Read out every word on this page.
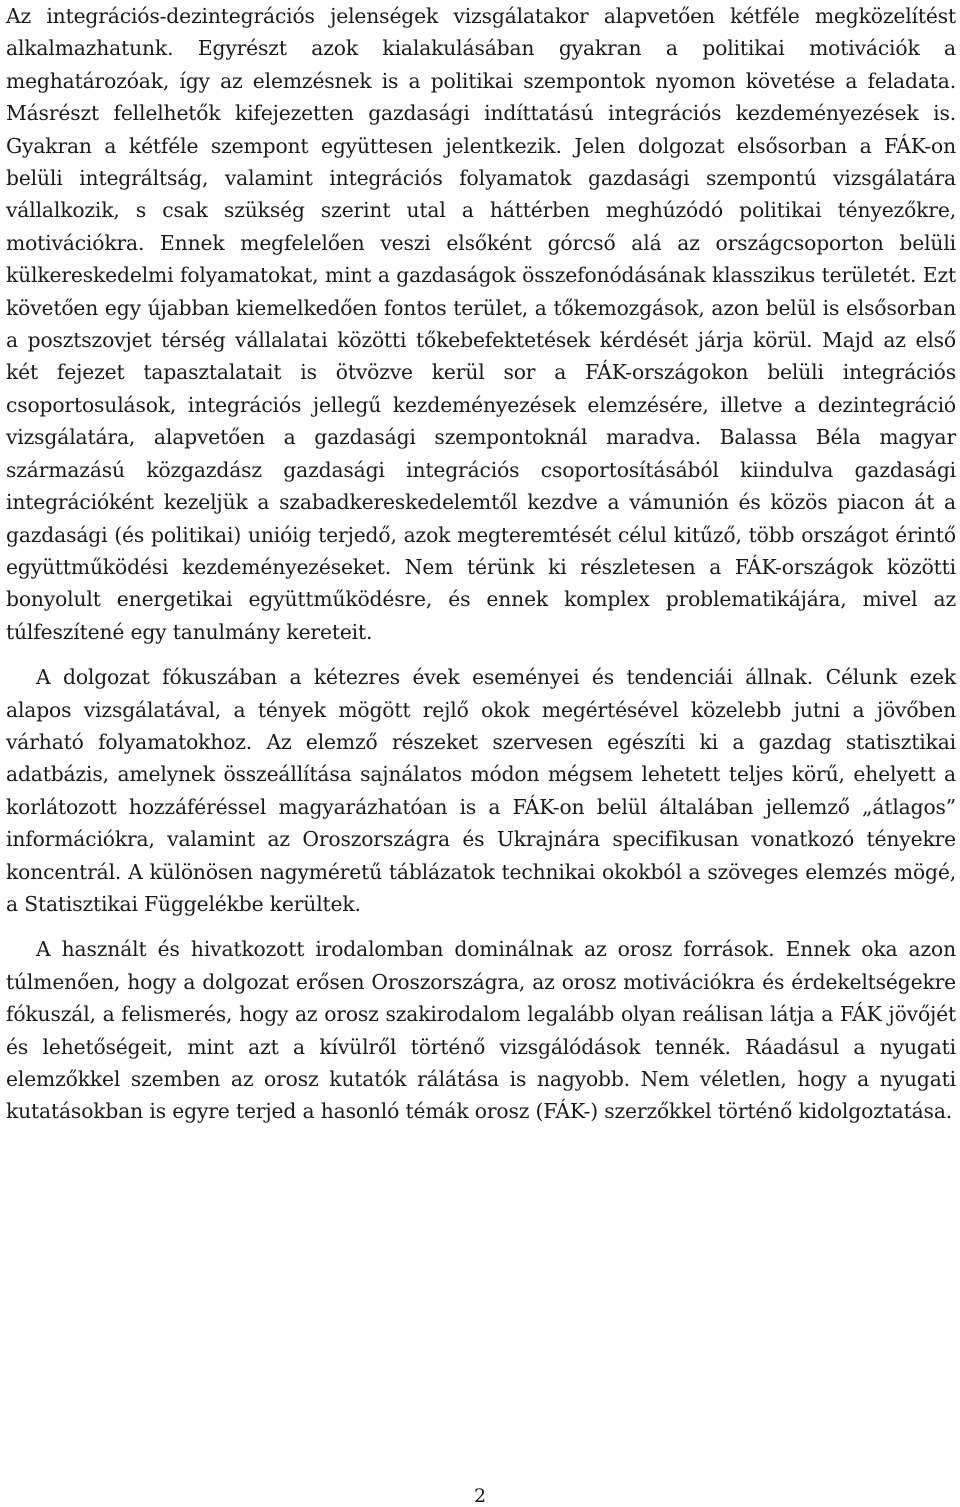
Az integrációs-dezintegrációs jelenségek vizsgálatakor alapvetően kétféle megközelítést alkalmazhatunk. Egyrészt azok kialakulásában gyakran a politikai motivációk a meghatározóak, így az elemzésnek is a politikai szempontok nyomon követése a feladata. Másrészt fellelhetők kifejezetten gazdasági indíttatású integrációs kezdeményezések is. Gyakran a kétféle szempont együttesen jelentkezik. Jelen dolgozat elsősorban a FÁK-on belüli integráltság, valamint integrációs folyamatok gazdasági szempontú vizsgálatára vállalkozik, s csak szükség szerint utal a háttérben meghúzódó politikai tényezőkre, motivációkra. Ennek megfelelően veszi elsőként górcső alá az országcsoporton belüli külkereskedelmi folyamatokat, mint a gazdaságok összefonódásának klasszikus területét. Ezt követően egy újabban kiemelkedően fontos terület, a tőkemozgások, azon belül is elsősorban a posztszovjet térség vállalatai közötti tőkebefektetések kérdését járja körül. Majd az első két fejezet tapasztalatait is ötvözve kerül sor a FÁK-országokon belüli integrációs csoportosulások, integrációs jellegű kezdeményezések elemzésére, illetve a dezintegráció vizsgálatára, alapvetően a gazdasági szempontoknál maradva. Balassa Béla magyar származású közgazdász gazdasági integrációs csoportosításából kiindulva gazdasági integrációként kezeljük a szabadkereskedelemtől kezdve a vámunión és közös piacon át a gazdasági (és politikai) unióig terjedő, azok megteremtését célul kitűző, több országot érintő együttműködési kezdeményezéseket. Nem térünk ki részletesen a FÁK-országok közötti bonyolult energetikai együttműködésre, és ennek komplex problematikájára, mivel az túlfeszítené egy tanulmány kereteit.

A dolgozat fókuszában a kétezres évek eseményei és tendenciái állnak. Célunk ezek alapos vizsgálatával, a tények mögött rejlő okok megértésével közelebb jutni a jövőben várható folyamatokhoz. Az elemző részeket szervesen egészíti ki a gazdag statisztikai adatbázis, amelynek összeállítása sajnálatos módon mégsem lehetett teljes körű, ehelyett a korlátozott hozzáféréssel magyarázhatóan is a FÁK-on belül általában jellemző „átlagos” információkra, valamint az Oroszországra és Ukrajnára specifikusan vonatkozó tényekre koncentrál. A különösen nagyméretű táblázatok technikai okokból a szöveges elemzés mögé, a Statisztikai Függelékbe kerültek.

A használt és hivatkozott irodalomban dominálnak az orosz források. Ennek oka azon túlmenően, hogy a dolgozat erősen Oroszországra, az orosz motivációkra és érdekeltségekre fókuszál, a felismerés, hogy az orosz szakirodalom legalább olyan reálisan látja a FÁK jövőjét és lehetőségeit, mint azt a kívülről történő vizsgálódások tennék. Ráadásul a nyugati elemzőkkel szemben az orosz kutatók rálátása is nagyobb. Nem véletlen, hogy a nyugati kutatásokban is egyre terjed a hasonló témák orosz (FÁK-) szerzőkkel történő kidolgoztatása.

2
